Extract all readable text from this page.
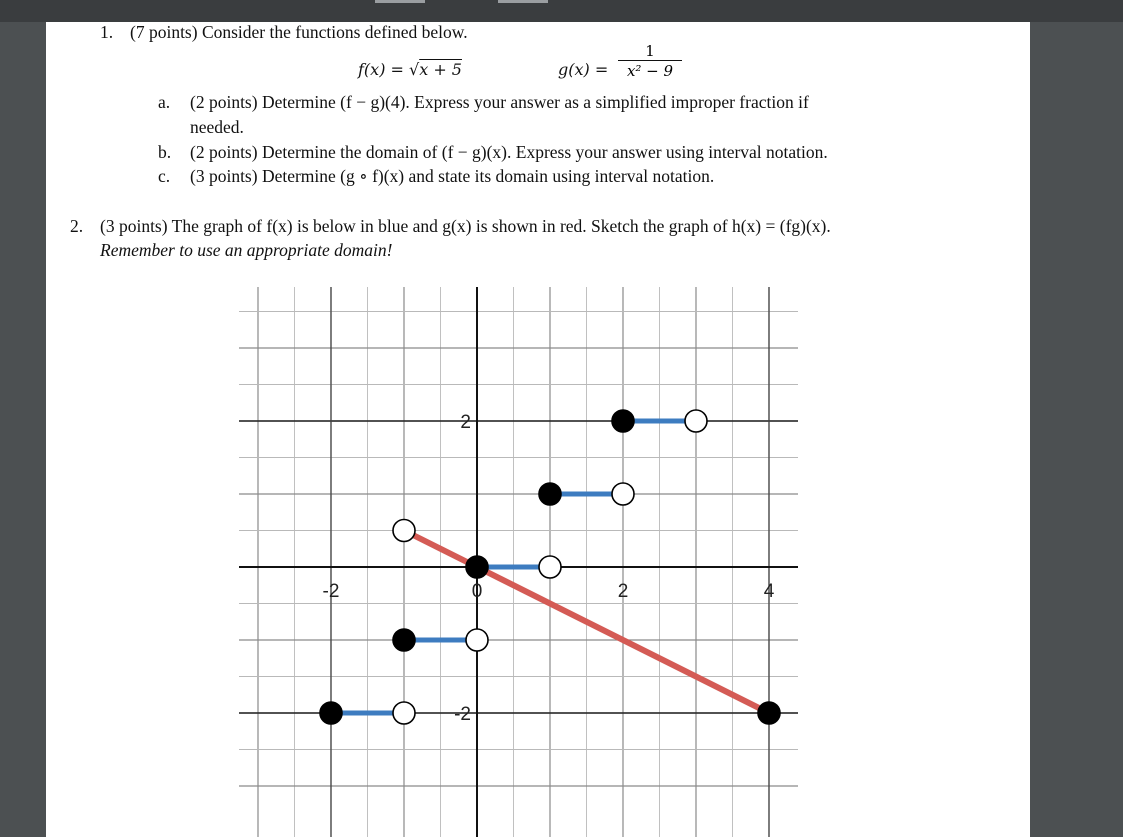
1. (7 points) Consider the functions defined below.
f(x) = √x + 5	$g(x) = \frac{1}{\text{x² − 9}}$
a. (2 points) Determine (f − g)(4). Express your answer as a simplified improper fraction if
needed.
b. (2 points) Determine the domain of (f − g)(x). Express your answer using interval notation.
c. (3 points) Determine (g ∘ f)(x) and state its domain using interval notation.
2. (3 points) The graph of f(x) is below in blue and g(x) is shown in red. Sketch the graph of h(x) = (fg)(x).
Remember to use an appropriate domain!
-2	0	2	4
2
-2
